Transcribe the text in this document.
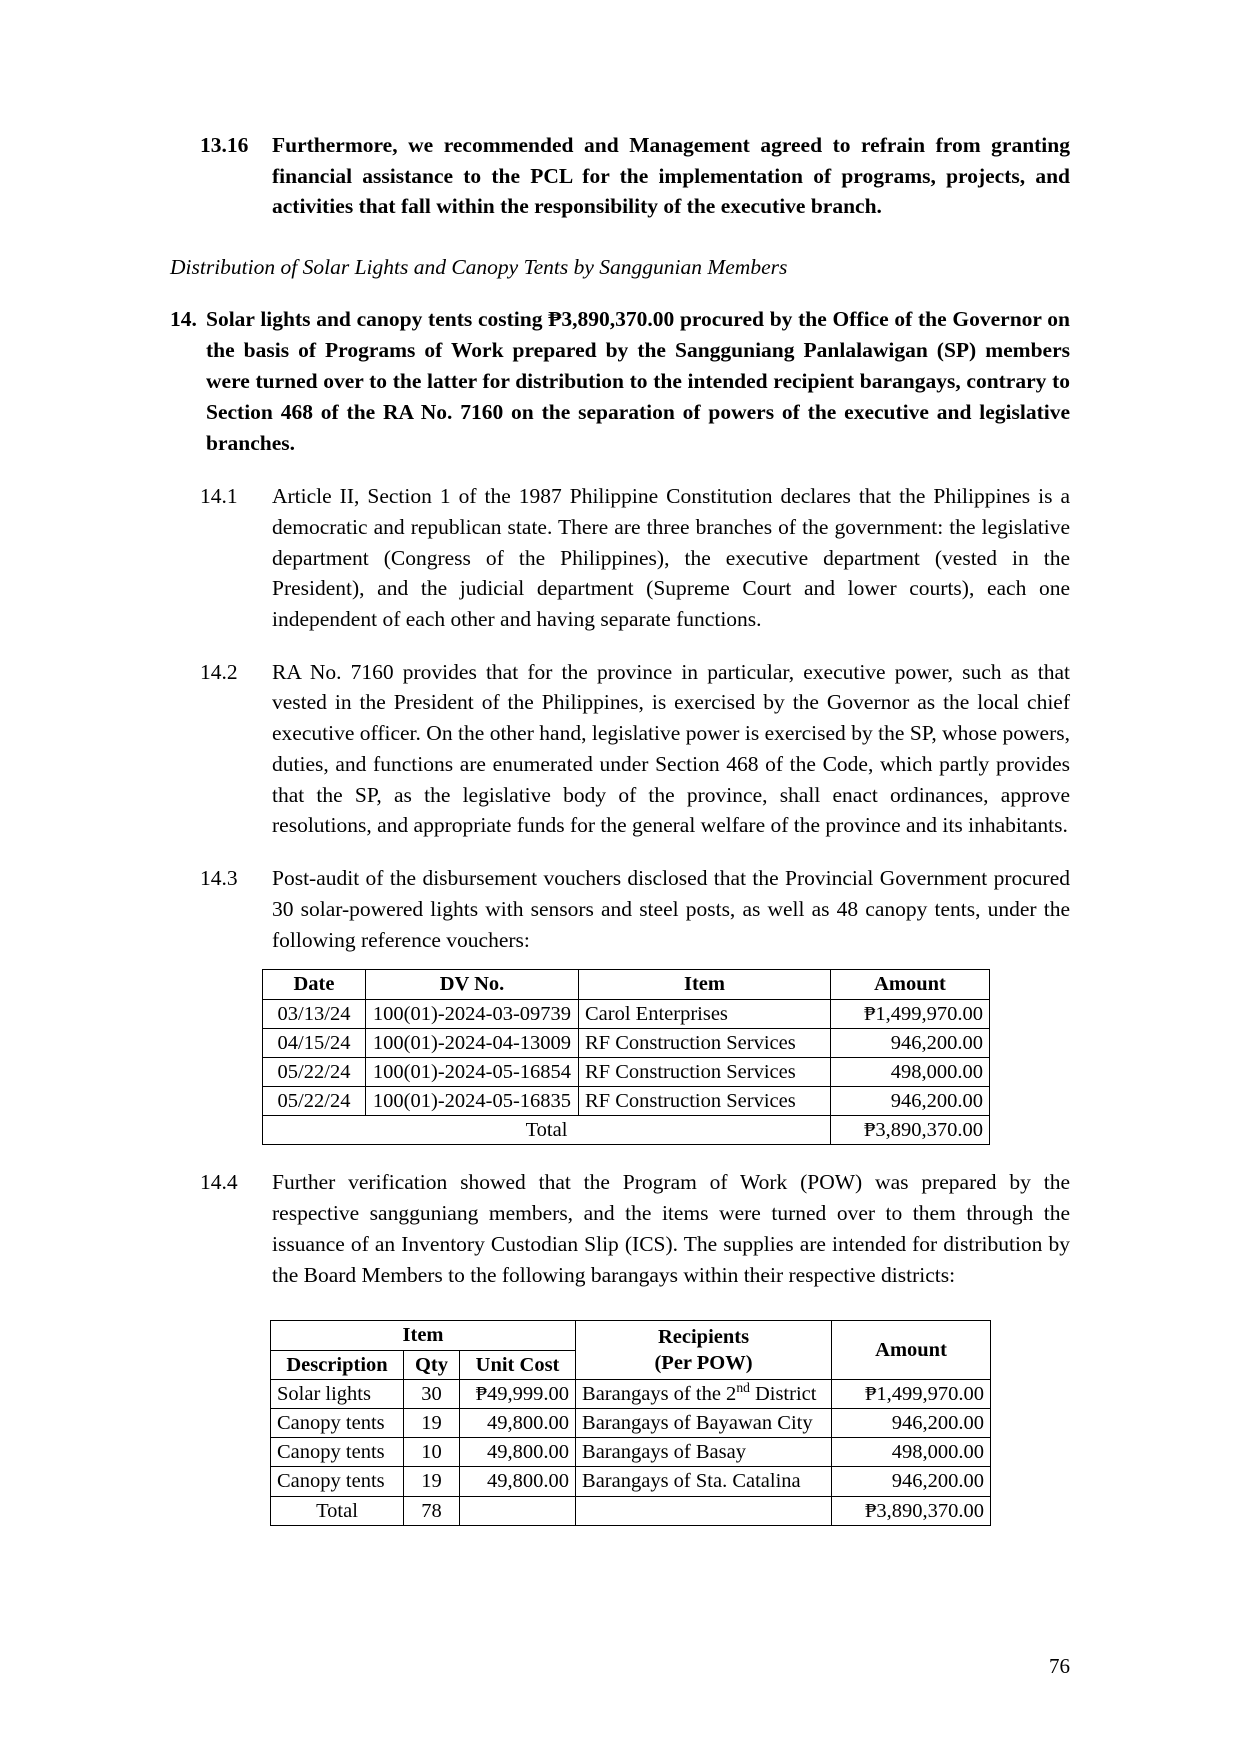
13.16	Furthermore, we recommended and Management agreed to refrain from granting financial assistance to the PCL for the implementation of programs, projects, and activities that fall within the responsibility of the executive branch.
Distribution of Solar Lights and Canopy Tents by Sanggunian Members
14. Solar lights and canopy tents costing ₱3,890,370.00 procured by the Office of the Governor on the basis of Programs of Work prepared by the Sangguniang Panlalawigan (SP) members were turned over to the latter for distribution to the intended recipient barangays, contrary to Section 468 of the RA No. 7160 on the separation of powers of the executive and legislative branches.
14.1	Article II, Section 1 of the 1987 Philippine Constitution declares that the Philippines is a democratic and republican state. There are three branches of the government: the legislative department (Congress of the Philippines), the executive department (vested in the President), and the judicial department (Supreme Court and lower courts), each one independent of each other and having separate functions.
14.2	RA No. 7160 provides that for the province in particular, executive power, such as that vested in the President of the Philippines, is exercised by the Governor as the local chief executive officer. On the other hand, legislative power is exercised by the SP, whose powers, duties, and functions are enumerated under Section 468 of the Code, which partly provides that the SP, as the legislative body of the province, shall enact ordinances, approve resolutions, and appropriate funds for the general welfare of the province and its inhabitants.
14.3	Post-audit of the disbursement vouchers disclosed that the Provincial Government procured 30 solar-powered lights with sensors and steel posts, as well as 48 canopy tents, under the following reference vouchers:
Date	DV No.	Item	Amount
03/13/24	100(01)-2024-03-09739	Carol Enterprises	₱1,499,970.00
04/15/24	100(01)-2024-04-13009	RF Construction Services	946,200.00
05/22/24	100(01)-2024-05-16854	RF Construction Services	498,000.00
05/22/24	100(01)-2024-05-16835	RF Construction Services	946,200.00
Total			₱3,890,370.00
14.4	Further verification showed that the Program of Work (POW) was prepared by the respective sangguniang members, and the items were turned over to them through the issuance of an Inventory Custodian Slip (ICS). The supplies are intended for distribution by the Board Members to the following barangays within their respective districts:
Item			Recipients	Amount
Description	Qty	Unit Cost	(Per POW)	
Solar lights	30	₱49,999.00	Barangays of the 2nd District	₱1,499,970.00
Canopy tents	19	49,800.00	Barangays of Bayawan City	946,200.00
Canopy tents	10	49,800.00	Barangays of Basay	498,000.00
Canopy tents	19	49,800.00	Barangays of Sta. Catalina	946,200.00
Total	78			₱3,890,370.00
76
